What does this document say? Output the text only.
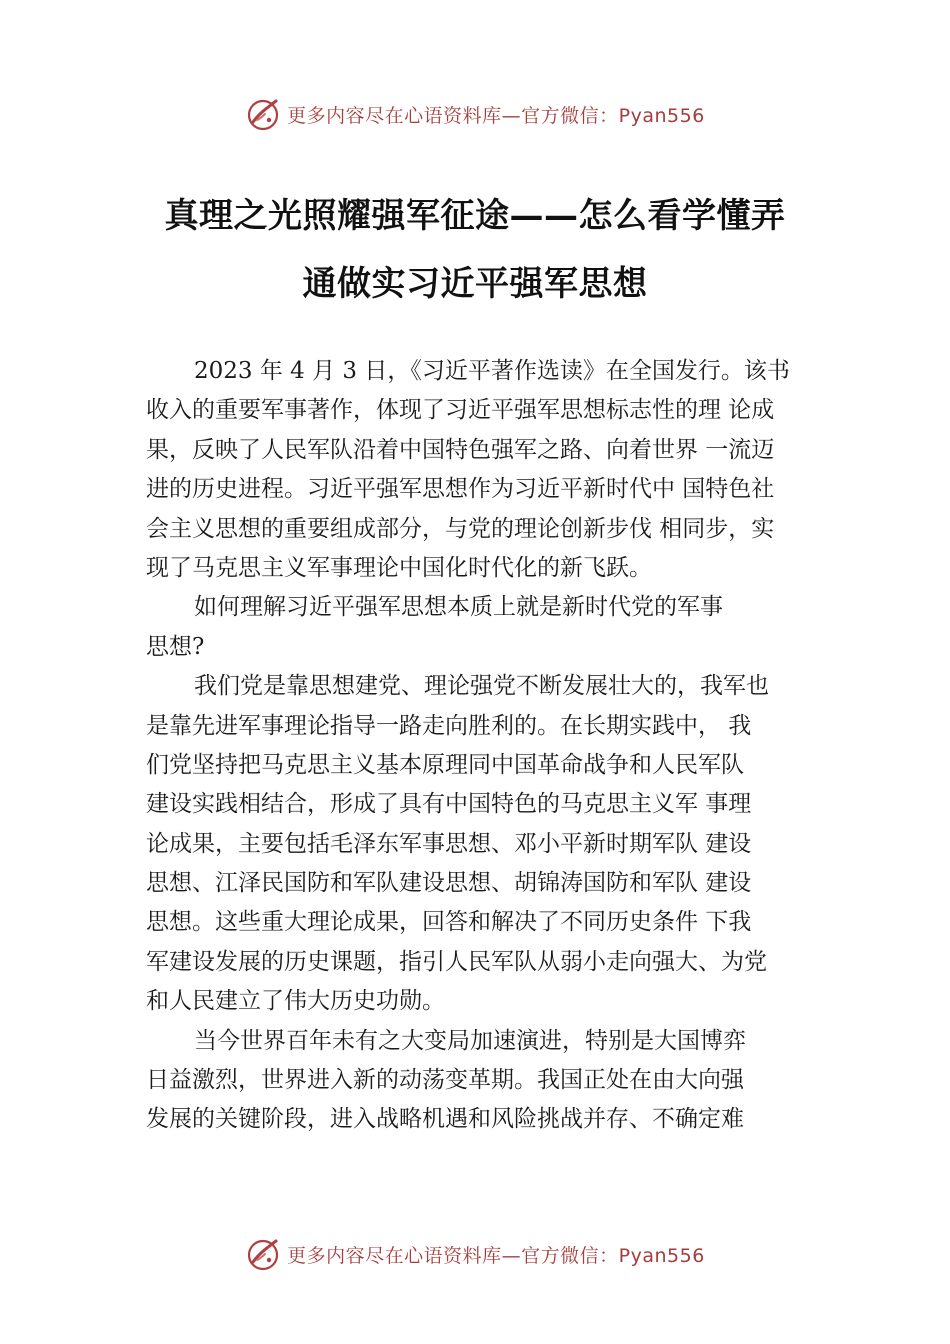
更多内容尽在心语资料库—官方微信：Pyan556
真理之光照耀强军征途——怎么看学懂弄
通做实习近平强军思想
2023 年 4 月 3 日，《习近平著作选读》在全国发行。该书
收入的重要军事著作，体现了习近平强军思想标志性的理 论成
果，反映了人民军队沿着中国特色强军之路、向着世界 一流迈
进的历史进程。习近平强军思想作为习近平新时代中 国特色社
会主义思想的重要组成部分，与党的理论创新步伐 相同步，实
现了马克思主义军事理论中国化时代化的新飞跃。
如何理解习近平强军思想本质上就是新时代党的军事
思想?
我们党是靠思想建党、理论强党不断发展壮大的，我军也
是靠先进军事理论指导一路走向胜利的。在长期实践中， 我
们党坚持把马克思主义基本原理同中国革命战争和人民军队
建设实践相结合，形成了具有中国特色的马克思主义军 事理
论成果，主要包括毛泽东军事思想、邓小平新时期军队 建设
思想、江泽民国防和军队建设思想、胡锦涛国防和军队 建设
思想。这些重大理论成果，回答和解决了不同历史条件 下我
军建设发展的历史课题，指引人民军队从弱小走向强大、为党
和人民建立了伟大历史功勋。
当今世界百年未有之大变局加速演进，特别是大国博弈
日益激烈，世界进入新的动荡变革期。我国正处在由大向强
发展的关键阶段，进入战略机遇和风险挑战并存、不确定难
更多内容尽在心语资料库—官方微信：Pyan556
